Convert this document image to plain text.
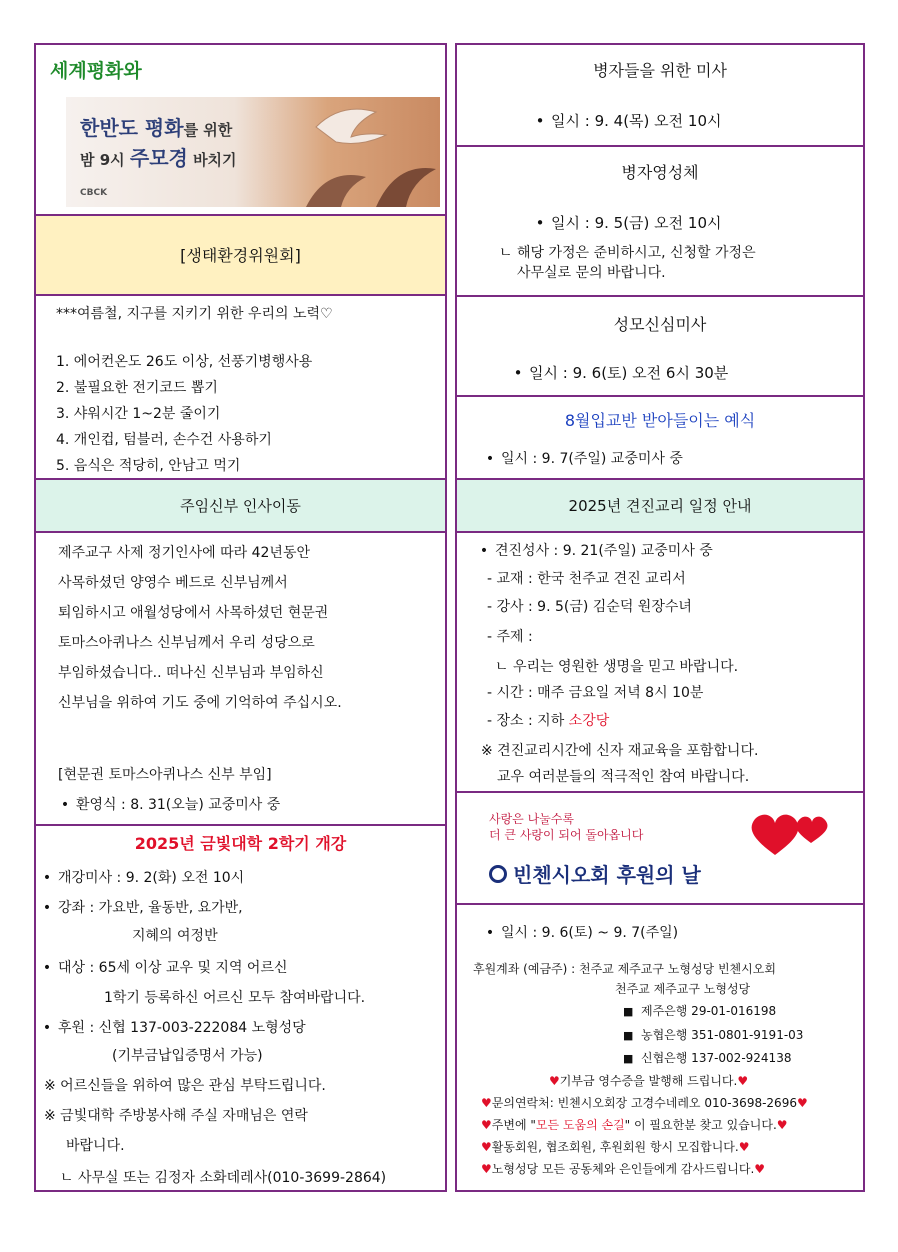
세계평화와
한반도 평화를 위한
밤 9시 주모경 바치기
CBCK
[생태환경위원회]
***여름철, 지구를 지키기 위한 우리의 노력♡
1. 에어컨온도 26도 이상, 선풍기병행사용
2. 불필요한 전기코드 뽑기
3. 샤워시간 1~2분 줄이기
4. 개인컵, 텀블러, 손수건 사용하기
5. 음식은 적당히, 안남고 먹기
주임신부 인사이동
제주교구 사제 정기인사에 따라 42년동안
사목하셨던 양영수 베드로 신부님께서
퇴임하시고 애월성당에서 사목하셨던 현문권
토마스아퀴나스 신부님께서 우리 성당으로
부임하셨습니다.. 떠나신 신부님과 부임하신
신부님을 위하여 기도 중에 기억하여 주십시오.
[현문권 토마스아퀴나스 신부 부임]
• 환영식 : 8. 31(오늘) 교중미사 중
2025년 금빛대학 2학기 개강
• 개강미사 : 9. 2(화) 오전 10시
• 강좌 : 가요반, 율동반, 요가반,
지혜의 여정반
• 대상 : 65세 이상 교우 및 지역 어르신
1학기 등록하신 어르신 모두 참여바랍니다.
• 후원 : 신협 137-003-222084 노형성당
(기부금납입증명서 가능)
※ 어르신들을 위하여 많은 관심 부탁드립니다.
※ 금빛대학 주방봉사해 주실 자매님은 연락
바랍니다.
ㄴ 사무실 또는 김정자 소화데레사(010-3699-2864)
병자들을 위한 미사
• 일시 : 9. 4(목) 오전 10시
병자영성체
• 일시 : 9. 5(금) 오전 10시
ㄴ 해당 가정은 준비하시고, 신청할 가정은
사무실로 문의 바랍니다.
성모신심미사
• 일시 : 9. 6(토) 오전 6시 30분
8월입교반 받아들이는 예식
• 일시 : 9. 7(주일) 교중미사 중
2025년 견진교리 일정 안내
• 견진성사 : 9. 21(주일) 교중미사 중
- 교재 : 한국 천주교 견진 교리서
- 강사 : 9. 5(금) 김순덕 원장수녀
- 주제 :
ㄴ 우리는 영원한 생명을 믿고 바랍니다.
- 시간 : 매주 금요일 저녁 8시 10분
- 장소 : 지하 소강당
※ 견진교리시간에 신자 재교육을 포함합니다.
교우 여러분들의 적극적인 참여 바랍니다.
사랑은 나눌수록
더 큰 사랑이 되어 돌아옵니다
빈첸시오회 후원의 날
• 일시 : 9. 6(토) ~ 9. 7(주일)
후원계좌 (예금주) : 천주교 제주교구 노형성당 빈첸시오회
천주교 제주교구 노형성당
■ 제주은행 29-01-016198
■ 농협은행 351-0801-9191-03
■ 신협은행 137-002-924138
♥기부금 영수증을 발행해 드립니다.♥
♥문의연락처: 빈첸시오회장 고경수네레오 010-3698-2696♥
♥주변에 "모든 도움의 손길" 이 필요한분 찾고 있습니다.♥
♥활동회원, 협조회원, 후원회원 항시 모집합니다.♥
♥노형성당 모든 공동체와 은인들에게 감사드립니다.♥
